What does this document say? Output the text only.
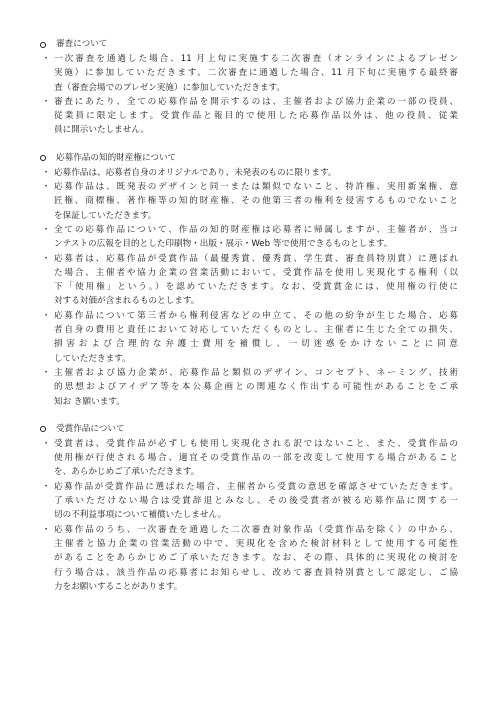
審査について
・ 一次審査を通過した場合、11 月上旬に実施する二次審査（オンラインによるプレゼン
実施）に参加していただきます。二次審査に通過した場合、11 月下旬に実施する最終審
査（審査会場でのプレゼン実施）に参加していただきます。
・ 審査にあたり、全ての応募作品を開示するのは、主催者および協力企業の一部の役員、
従業員に限定します。受賞作品と報目的で使用した応募作品以外は、他の役員、従業
員に開示いたしません。
応募作品の知的財産権について
・ 応募作品は、応募者自身のオリジナルであり、未発表のものに限ります。
・ 応募作品は、既発表のデザインと同一または類似でないこと、特許権、実用新案権、意
匠権、商標権、著作権等の知的財産権、その他第三者の権利を侵害するものでないこと
を保証していただきます。
・ 全ての応募作品について、作品の知的財産権は応募者に帰属しますが、主催者が、当コ
ンテストの広報を目的とした印刷物・出版・展示・Web 等で使用できるものとします。
・ 応募者は、応募作品が受賞作品（最優秀賞、優秀賞、学生賞、審査員特別賞）に選ばれ
た場合、主催者や協力企業の営業活動において、受賞作品を使用し実現化する権利（以
下「使用権」という。）を認めていただきます。なお、受賞賞金には、使用権の行使に
対する対価が含まれるものとします。
・ 応募作品について第三者から権利侵害などの申立て、その他の紛争が生じた場合、応募
者自身の費用と責任において対応していただくものとし、主催者に生じた全ての損失、
損害および合理的な弁護士費用を補償し、一切迷惑をかけないことに同意
していただきます。
・ 主催者および協力企業が、応募作品と類似のデザイン、コンセプト、ネーミング、技術
的思想およびアイデア等を本公募企画との関連なく作出する可能性があることをご承
知お き願います。
受賞作品について
・ 受賞者は、受賞作品が必ずしも使用し実現化される訳ではないこと、また、受賞作品の
使用権が行使される場合、適宜その受賞作品の一部を改変して使用する場合があること
を、あらかじめご了承いただきます。
・ 応募作品が受賞作品に選ばれた場合、主催者から受賞の意思を確認させていただきます。
了承いただけない場合は受賞辞退とみなし、その後受賞者が被る応募作品に関する一
切の不利益事項について補償いたしません。
・ 応募作品のうち、一次審査を通過した二次審査対象作品（受賞作品を除く）の中から、
主催者と協力企業の営業活動の中で、実現化を含めた検討材料として使用する可能性
があることをあらかじめご了承いただきます。なお、その際、具体的に実現化の検討を
行う場合は、該当作品の応募者にお知らせし、改めて審査員特別賞として認定し、ご協
力をお願いすることがあります。
